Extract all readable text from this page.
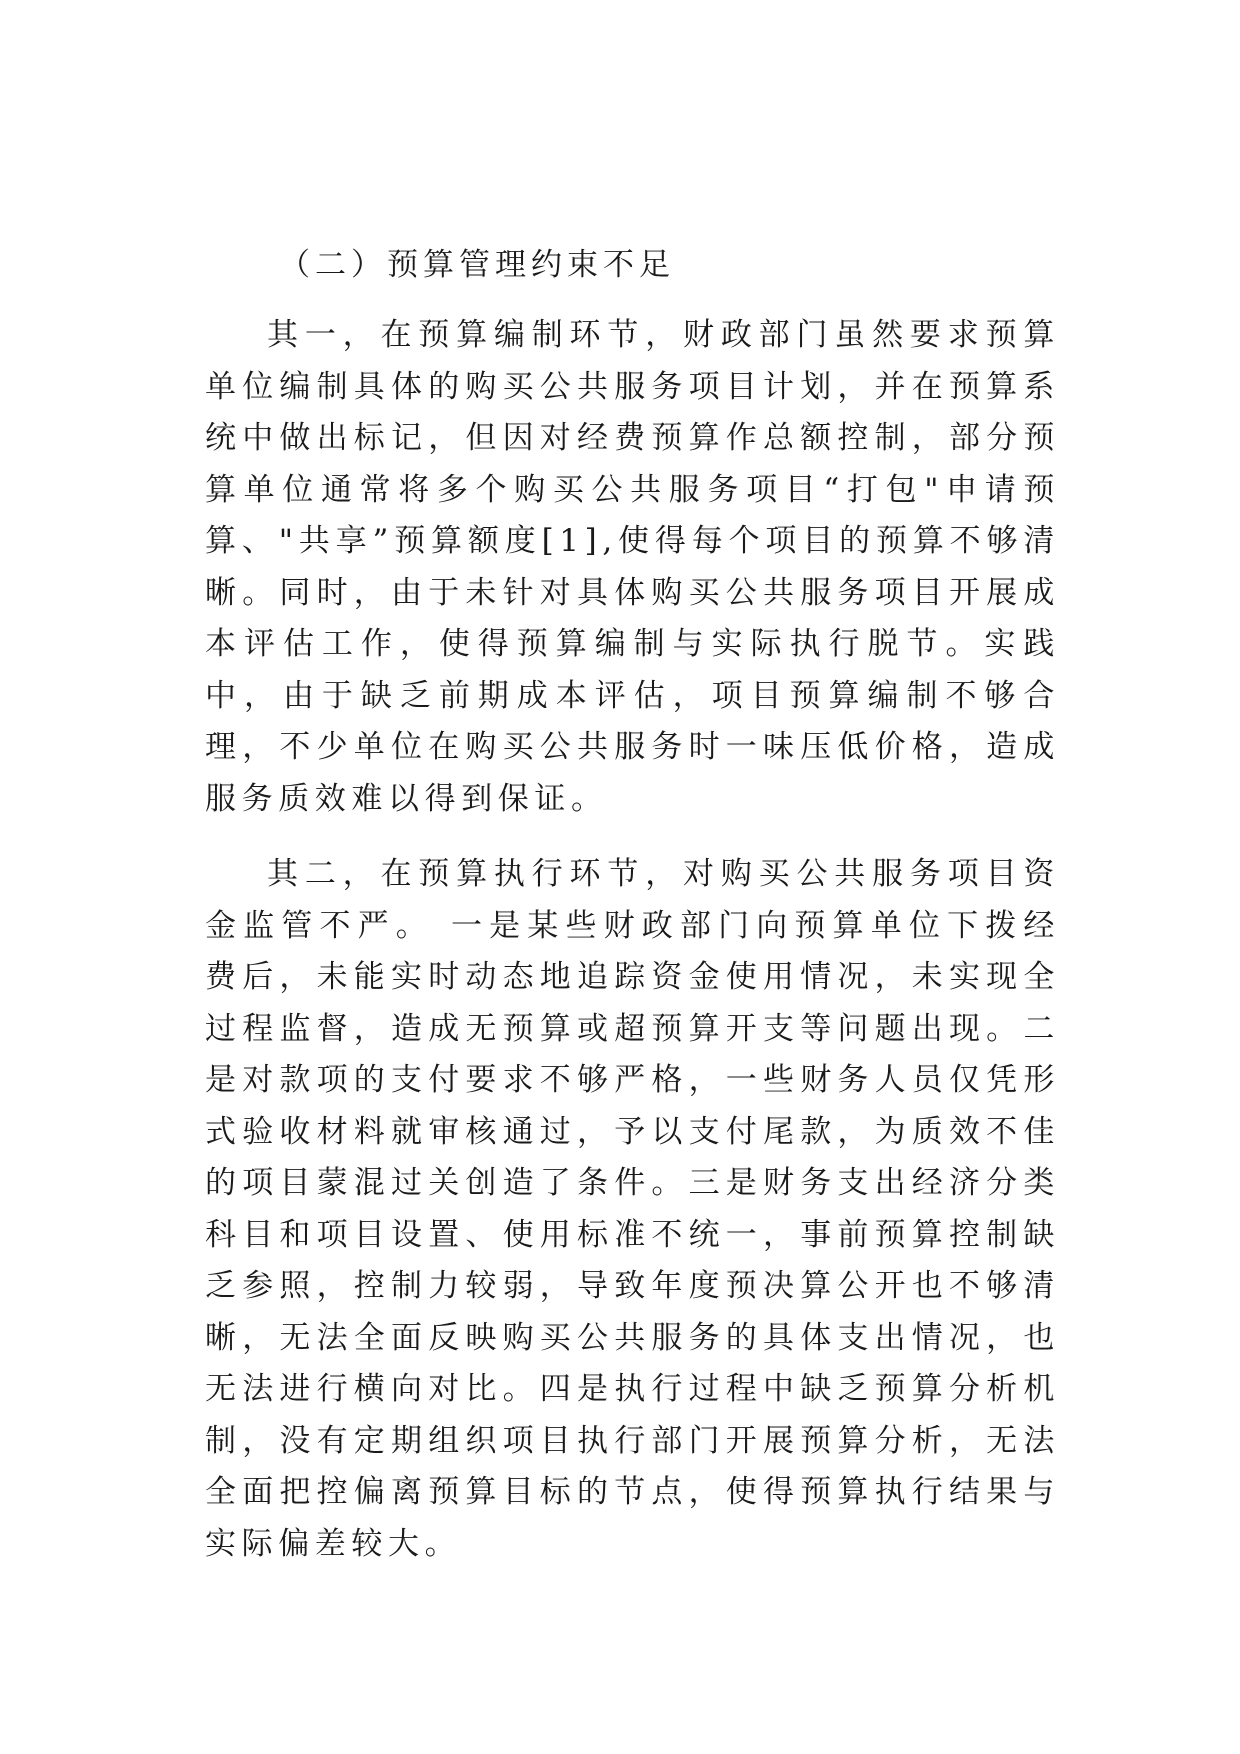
（二）预算管理约束不足

其一，在预算编制环节，财政部门虽然要求预算单位编制具体的购买公共服务项目计划，并在预算系统中做出标记，但因对经费预算作总额控制，部分预算单位通常将多个购买公共服务项目“打包"申请预算、"共享”预算额度[1],使得每个项目的预算不够清晰。同时，由于未针对具体购买公共服务项目开展成本评估工作，使得预算编制与实际执行脱节。实践中，由于缺乏前期成本评估，项目预算编制不够合理，不少单位在购买公共服务时一味压低价格，造成服务质效难以得到保证。

其二，在预算执行环节，对购买公共服务项目资金监管不严。 一是某些财政部门向预算单位下拨经费后，未能实时动态地追踪资金使用情况，未实现全过程监督，造成无预算或超预算开支等问题出现。二是对款项的支付要求不够严格，一些财务人员仅凭形式验收材料就审核通过，予以支付尾款，为质效不佳的项目蒙混过关创造了条件。三是财务支出经济分类科目和项目设置、使用标准不统一，事前预算控制缺乏参照，控制力较弱，导致年度预决算公开也不够清晰，无法全面反映购买公共服务的具体支出情况，也无法进行横向对比。四是执行过程中缺乏预算分析机制，没有定期组织项目执行部门开展预算分析，无法全面把控偏离预算目标的节点，使得预算执行结果与实际偏差较大。
